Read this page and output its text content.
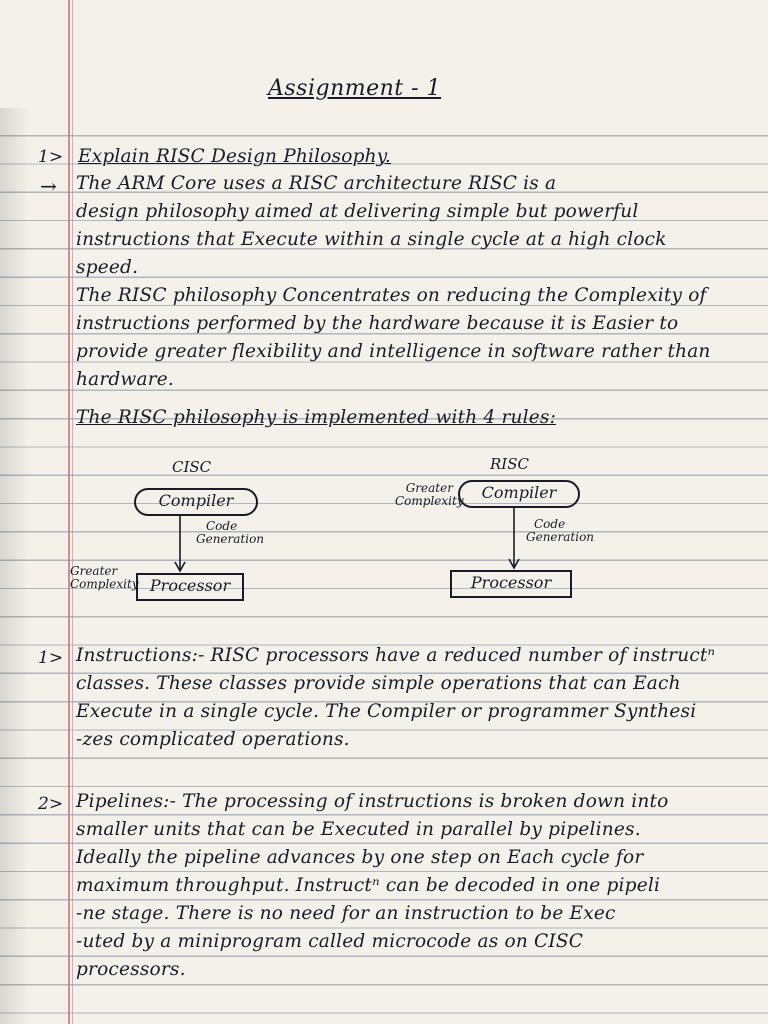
Assignment - 1
1> Explain RISC Design Philosophy.
→ The ARM Core uses a RISC architecture RISC is a
design philosophy aimed at delivering simple but powerful
instructions that Execute within a single cycle at a high clock
speed.
The RISC philosophy Concentrates on reducing the Complexity of
instructions performed by the hardware because it is Easier to
provide greater flexibility and intelligence in software rather than
hardware.
The RISC philosophy is implemented with 4 rules:
CISC	RISC
Compiler	Compiler
Greater
Complexity
Code
Generation
Code
Generation
Greater
Complexity Processor	Processor
1> Instructions:- RISC processors have a reduced number of instructⁿ
classes. These classes provide simple operations that can Each
Execute in a single cycle. The Compiler or programmer Synthesi
-zes complicated operations.
2> Pipelines:- The processing of instructions is broken down into
smaller units that can be Executed in parallel by pipelines.
Ideally the pipeline advances by one step on Each cycle for
maximum throughput. Instructⁿ can be decoded in one pipeli
-ne stage. There is no need for an instruction to be Exec
-uted by a miniprogram called microcode as on CISC
processors.
